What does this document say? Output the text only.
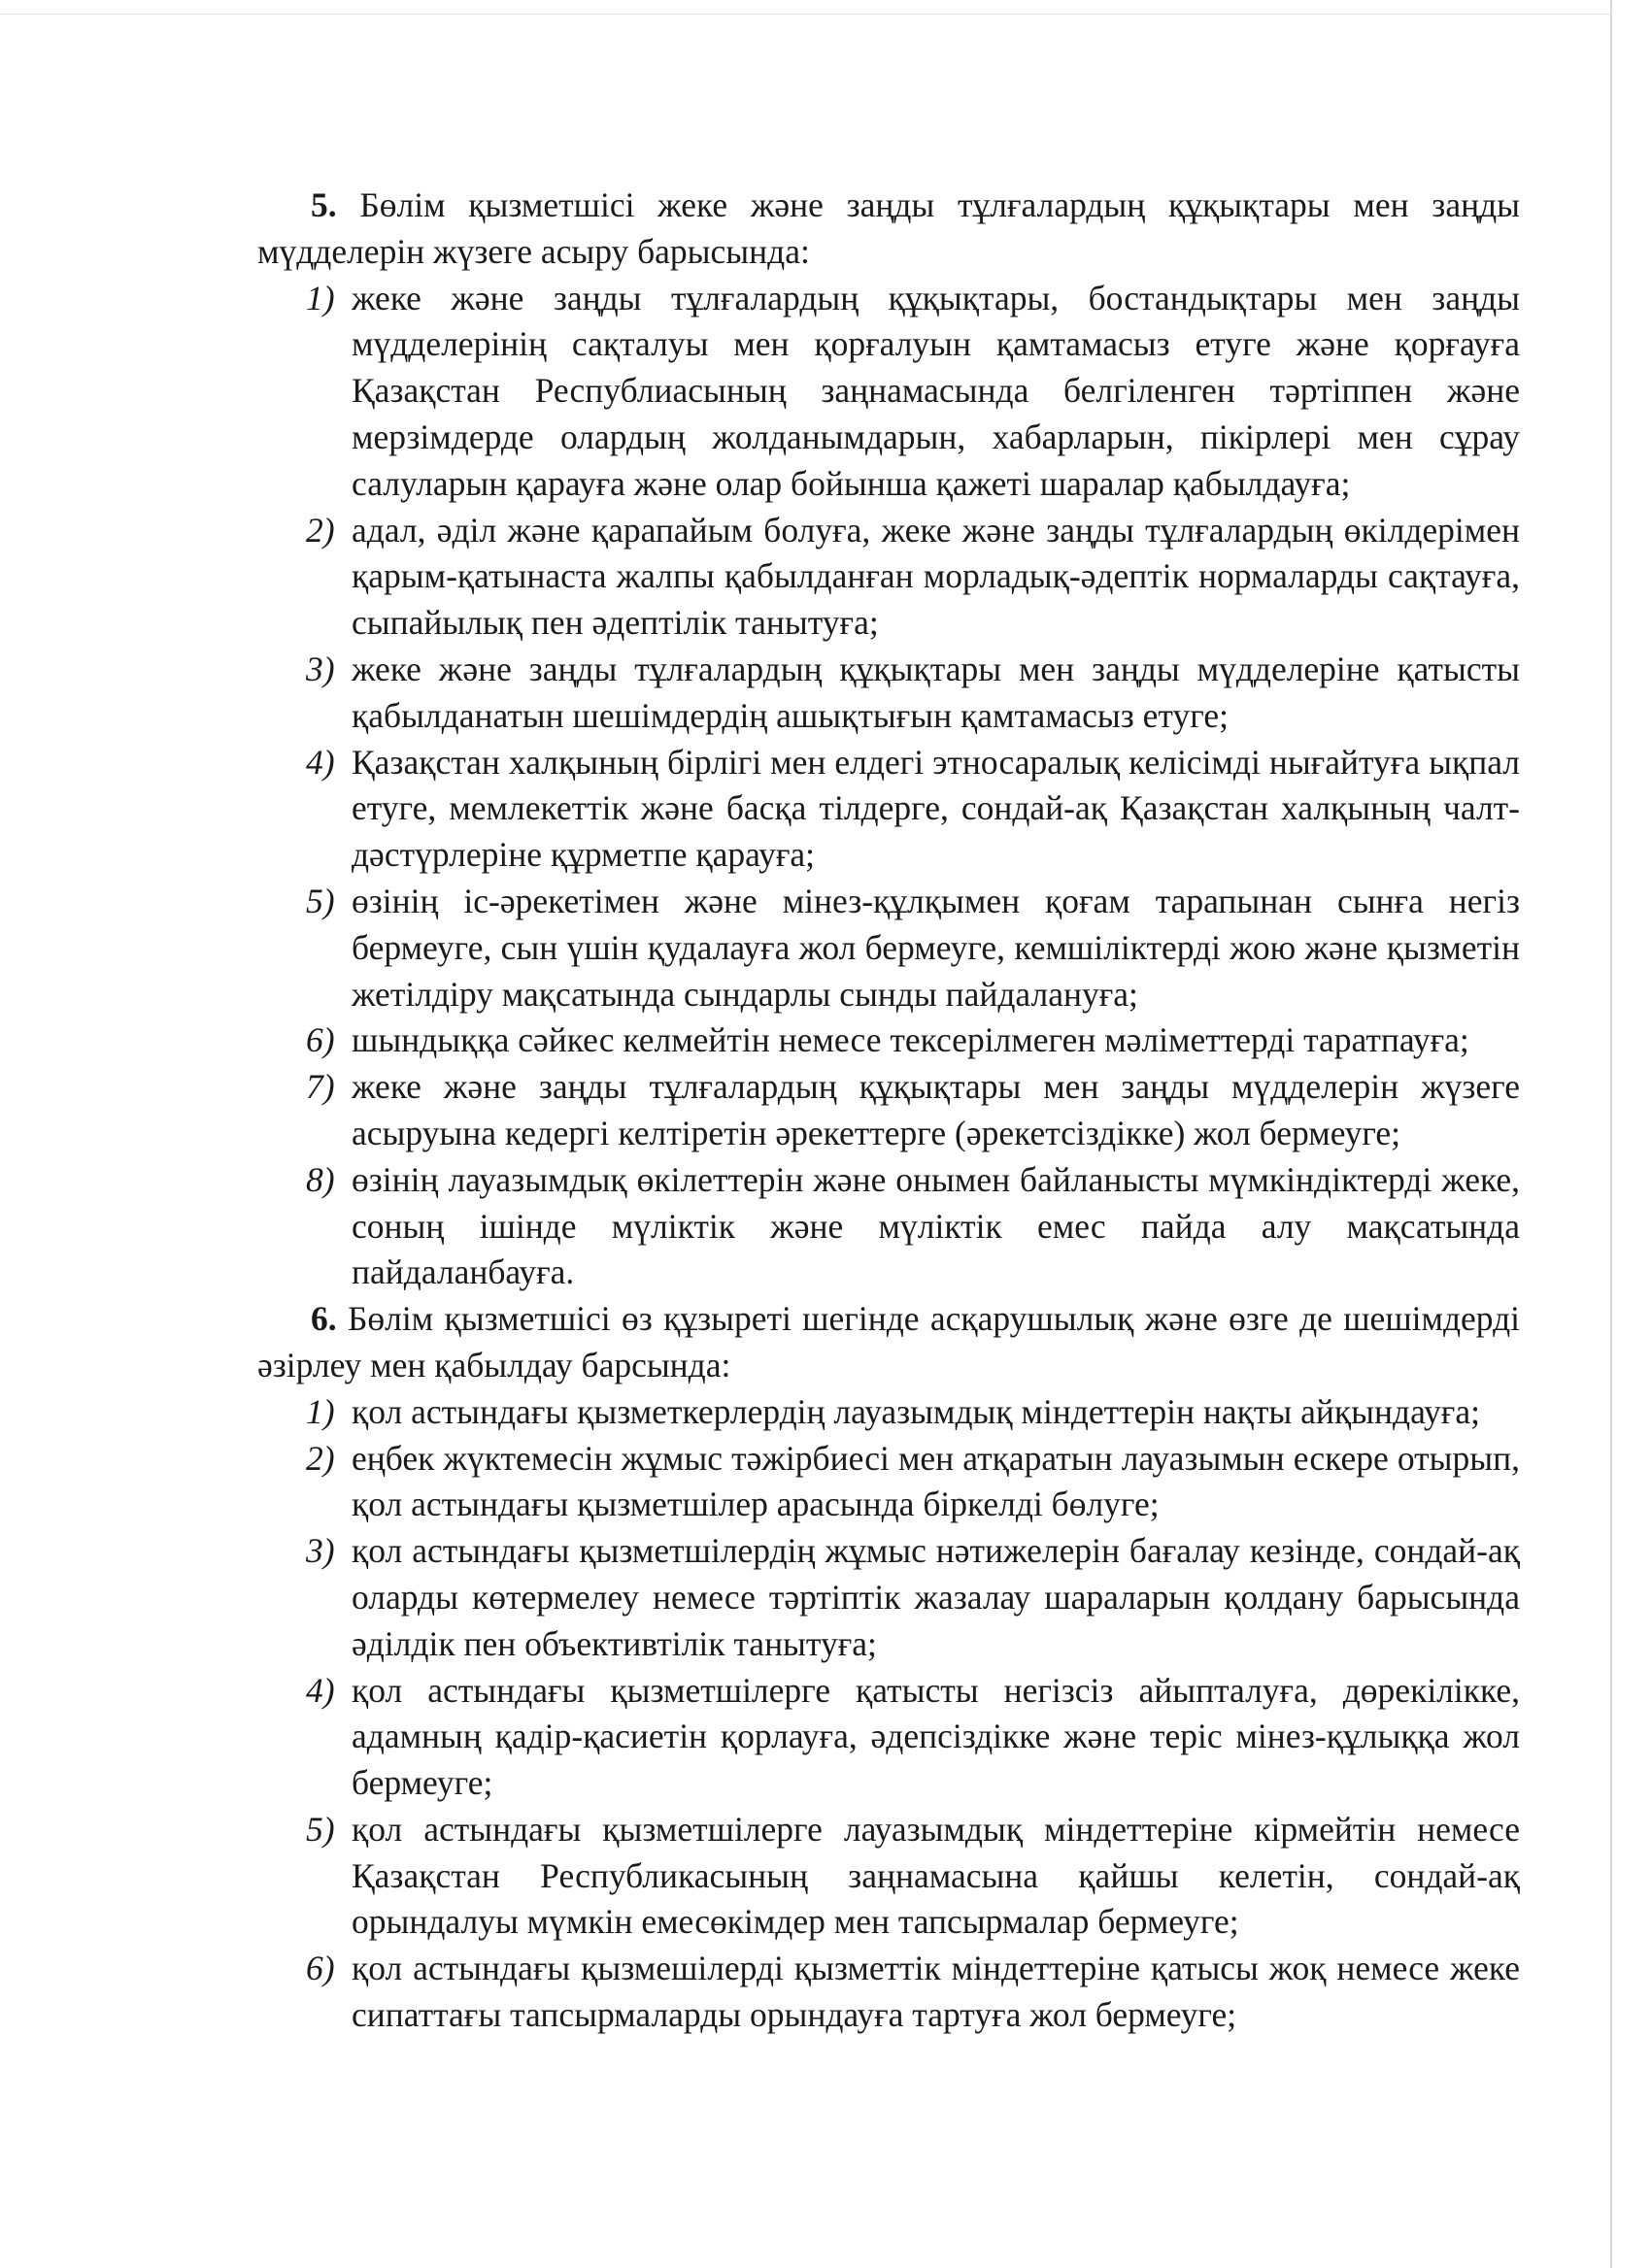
5. Бөлім қызметшісі жеке және заңды тұлғалардың құқықтары мен заңды мүдделерін жүзеге асыру барысында:

1) жеке және заңды тұлғалардың құқықтары, бостандықтары мен заңды мүдделерінің сақталуы мен қорғалуын қамтамасыз етуге және қорғауға Қазақстан Республиасының заңнамасында белгіленген тәртіппен және мерзімдерде олардың жолданымдарын, хабарларын, пікірлері мен сұрау салуларын қарауға және олар бойынша қажеті шаралар қабылдауға;
2) адал, әділ және қарапайым болуға, жеке және заңды тұлғалардың өкілдерімен қарым-қатынаста жалпы қабылданған морладық-әдептік нормаларды сақтауға, сыпайылық пен әдептілік танытуға;
3) жеке және заңды тұлғалардың құқықтары мен заңды мүдделеріне қатысты қабылданатын шешімдердің ашықтығын қамтамасыз етуге;
4) Қазақстан халқының бірлігі мен елдегі этносаралық келісімді нығайтуға ықпал етуге, мемлекеттік және басқа тілдерге, сондай-ақ Қазақстан халқының чалт-дәстүрлеріне құрметпе қарауға;
5) өзінің іс-әрекетімен және мінез-құлқымен қоғам тарапынан сынға негіз бермеуге, сын үшін қудалауға жол бермеуге, кемшіліктерді жою және қызметін жетілдіру мақсатында сындарлы сынды пайдалануға;
6) шындыққа сәйкес келмейтін немесе тексерілмеген мәліметтерді таратпауға;
7) жеке және заңды тұлғалардың құқықтары мен заңды мүдделерін жүзеге асыруына кедергі келтіретін әрекеттерге (әрекетсіздікке) жол бермеуге;
8) өзінің лауазымдық өкілеттерін және онымен байланысты мүмкіндіктерді жеке, соның ішінде мүліктік және мүліктік емес пайда алу мақсатында пайдаланбауға.

6. Бөлім қызметшісі өз құзыреті шегінде асқарушылық және өзге де шешімдерді әзірлеу мен қабылдау барсында:

1) қол астындағы қызметкерлердің лауазымдық міндеттерін нақты айқындауға;
2) еңбек жүктемесін жұмыс тәжірбиесі мен атқаратын лауазымын ескере отырып, қол астындағы қызметшілер арасында біркелді бөлуге;
3) қол астындағы қызметшілердің жұмыс нәтижелерін бағалау кезінде, сондай-ақ оларды көтермелеу немесе тәртіптік жазалау шараларын қолдану барысында әділдік пен объективтілік танытуға;
4) қол астындағы қызметшілерге қатысты негізсіз айыпталуға, дөрекілікке, адамның қадір-қасиетін қорлауға, әдепсіздікке және теріс мінез-құлыққа жол бермеуге;
5) қол астындағы қызметшілерге лауазымдық міндеттеріне кірмейтін немесе Қазақстан Республикасының заңнамасына қайшы келетін, сондай-ақ орындалуы мүмкін емесөкімдер мен тапсырмалар бермеуге;
6) қол астындағы қызмешілерді қызметтік міндеттеріне қатысы жоқ немесе жеке сипаттағы тапсырмаларды орындауға тартуға жол бермеуге;
